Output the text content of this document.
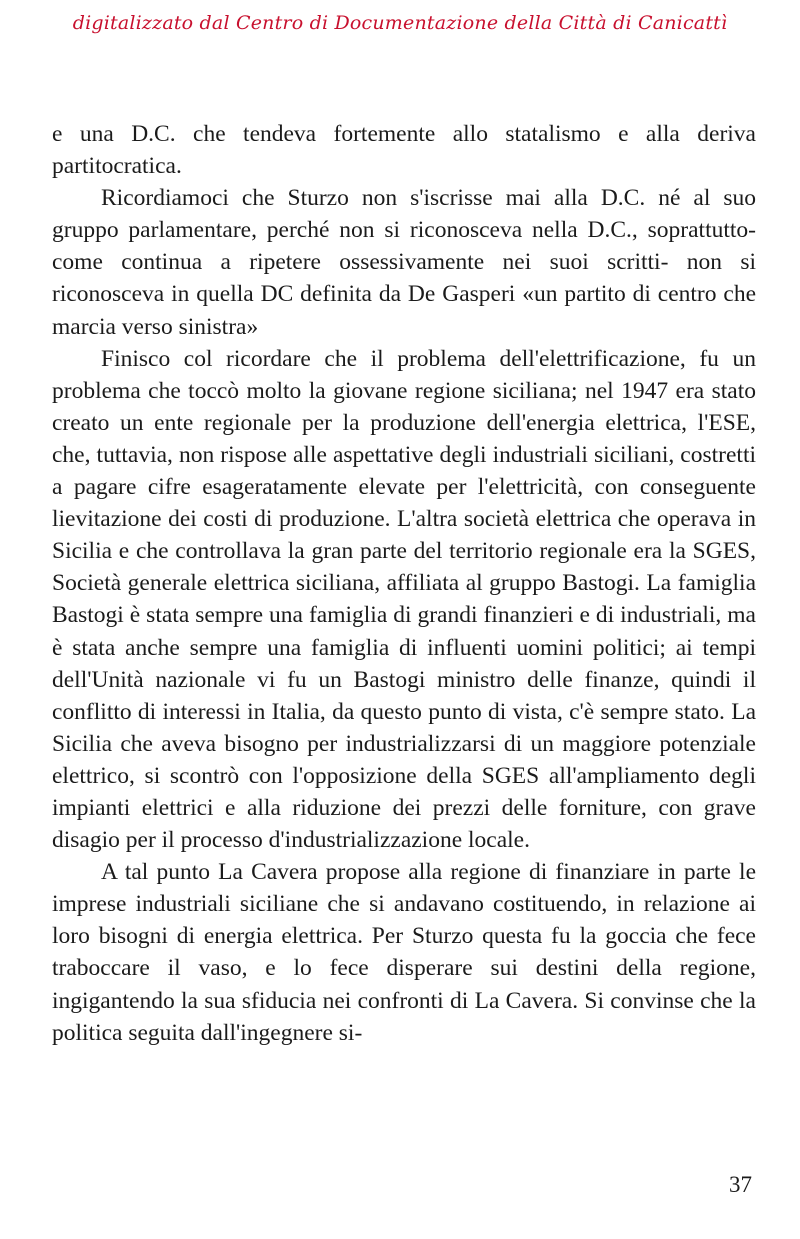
digitalizzato dal Centro di Documentazione della Città di Canicattì

e una D.C. che tendeva fortemente allo statalismo e alla deriva partitocratica.

Ricordiamoci che Sturzo non s'iscrisse mai alla D.C. né al suo gruppo parlamentare, perché non si riconosceva nella D.C., soprattutto- come continua a ripetere ossessivamente nei suoi scritti- non si riconosceva in quella DC definita da De Gasperi «un partito di centro che marcia verso sinistra»

Finisco col ricordare che il problema dell'elettrificazione, fu un problema che toccò molto la giovane regione siciliana; nel 1947 era stato creato un ente regionale per la produzione dell'energia elettrica, l'ESE, che, tuttavia, non rispose alle aspettative degli industriali siciliani, costretti a pagare cifre esageratamente elevate per l'elettricità, con conseguente lievitazione dei costi di produzione. L'altra società elettrica che operava in Sicilia e che controllava la gran parte del territorio regionale era la SGES, Società generale elettrica siciliana, affiliata al gruppo Bastogi. La famiglia Bastogi è stata sempre una famiglia di grandi finanzieri e di industriali, ma è stata anche sempre una famiglia di influenti uomini politici; ai tempi dell'Unità nazionale vi fu un Bastogi ministro delle finanze, quindi il conflitto di interessi in Italia, da questo punto di vista, c'è sempre stato. La Sicilia che aveva bisogno per industrializzarsi di un maggiore potenziale elettrico, si scontrò con l'opposizione della SGES all'ampliamento degli impianti elettrici e alla riduzione dei prezzi delle forniture, con grave disagio per il processo d'industrializzazione locale.

A tal punto La Cavera propose alla regione di finanziare in parte le imprese industriali siciliane che si andavano costituendo, in relazione ai loro bisogni di energia elettrica. Per Sturzo questa fu la goccia che fece traboccare il vaso, e lo fece disperare sui destini della regione, ingigantendo la sua sfiducia nei confronti di La Cavera. Si convinse che la politica seguita dall'ingegnere si-

37
